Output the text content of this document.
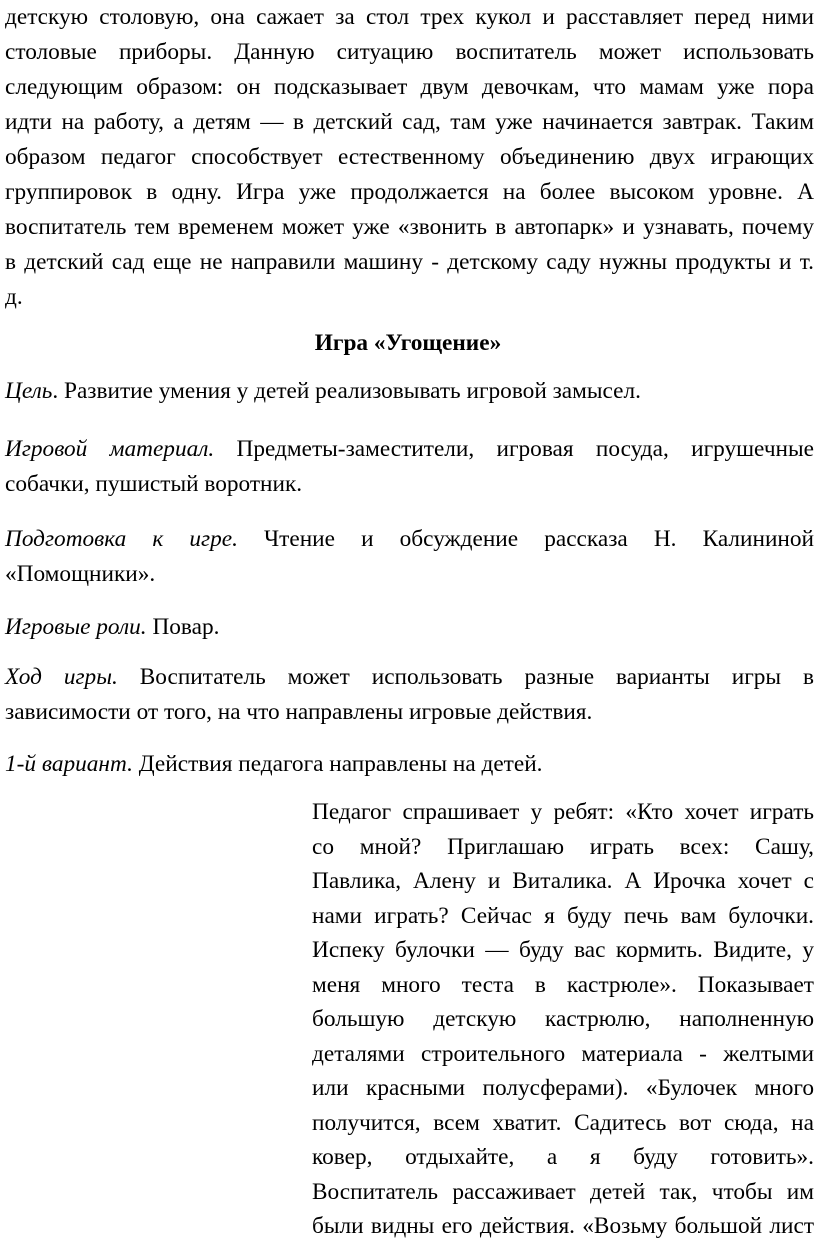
детскую столовую, она сажает за стол трех кукол и расставляет перед ними
столовые приборы. Данную ситуацию воспитатель может использовать
следующим образом: он подсказывает двум девочкам, что мамам уже пора
идти на работу, а детям — в детский сад, там уже начинается завтрак. Таким
образом педагог способствует естественному объединению двух играющих
группировок в одну. Игра уже продолжается на более высоком уровне. А
воспитатель тем временем может уже «звонить в автопарк» и узнавать, почему
в детский сад еще не направили машину - детскому саду нужны продукты и т.
д.
Игра «Угощение»
Цель. Развитие умения у детей реализовывать игровой замысел.
Игровой материал. Предметы-заместители, игровая посуда, игрушечные
собачки, пушистый воротник.
Подготовка к игре. Чтение и обсуждение рассказа Н. Калининой
«Помощники».
Игровые роли. Повар.
Ход игры. Воспитатель может использовать разные варианты игры в
зависимости от того, на что направлены игровые действия.
1-й вариант. Действия педагога направлены на детей.
Педагог спрашивает у ребят: «Кто хочет играть
со мной? Приглашаю играть всех: Сашу,
Павлика, Алену и Виталика. А Ирочка хочет с
нами играть? Сейчас я буду печь вам булочки.
Испеку булочки — буду вас кормить. Видите, у
меня много теста в кастрюле». Показывает
большую детскую кастрюлю, наполненную
деталями строительного материала - желтыми
или красными полусферами). «Булочек много
получится, всем хватит. Садитесь вот сюда, на
ковер, отдыхайте, а я буду готовить».
Воспитатель рассаживает детей так, чтобы им
были видны его действия. «Возьму большой лист
